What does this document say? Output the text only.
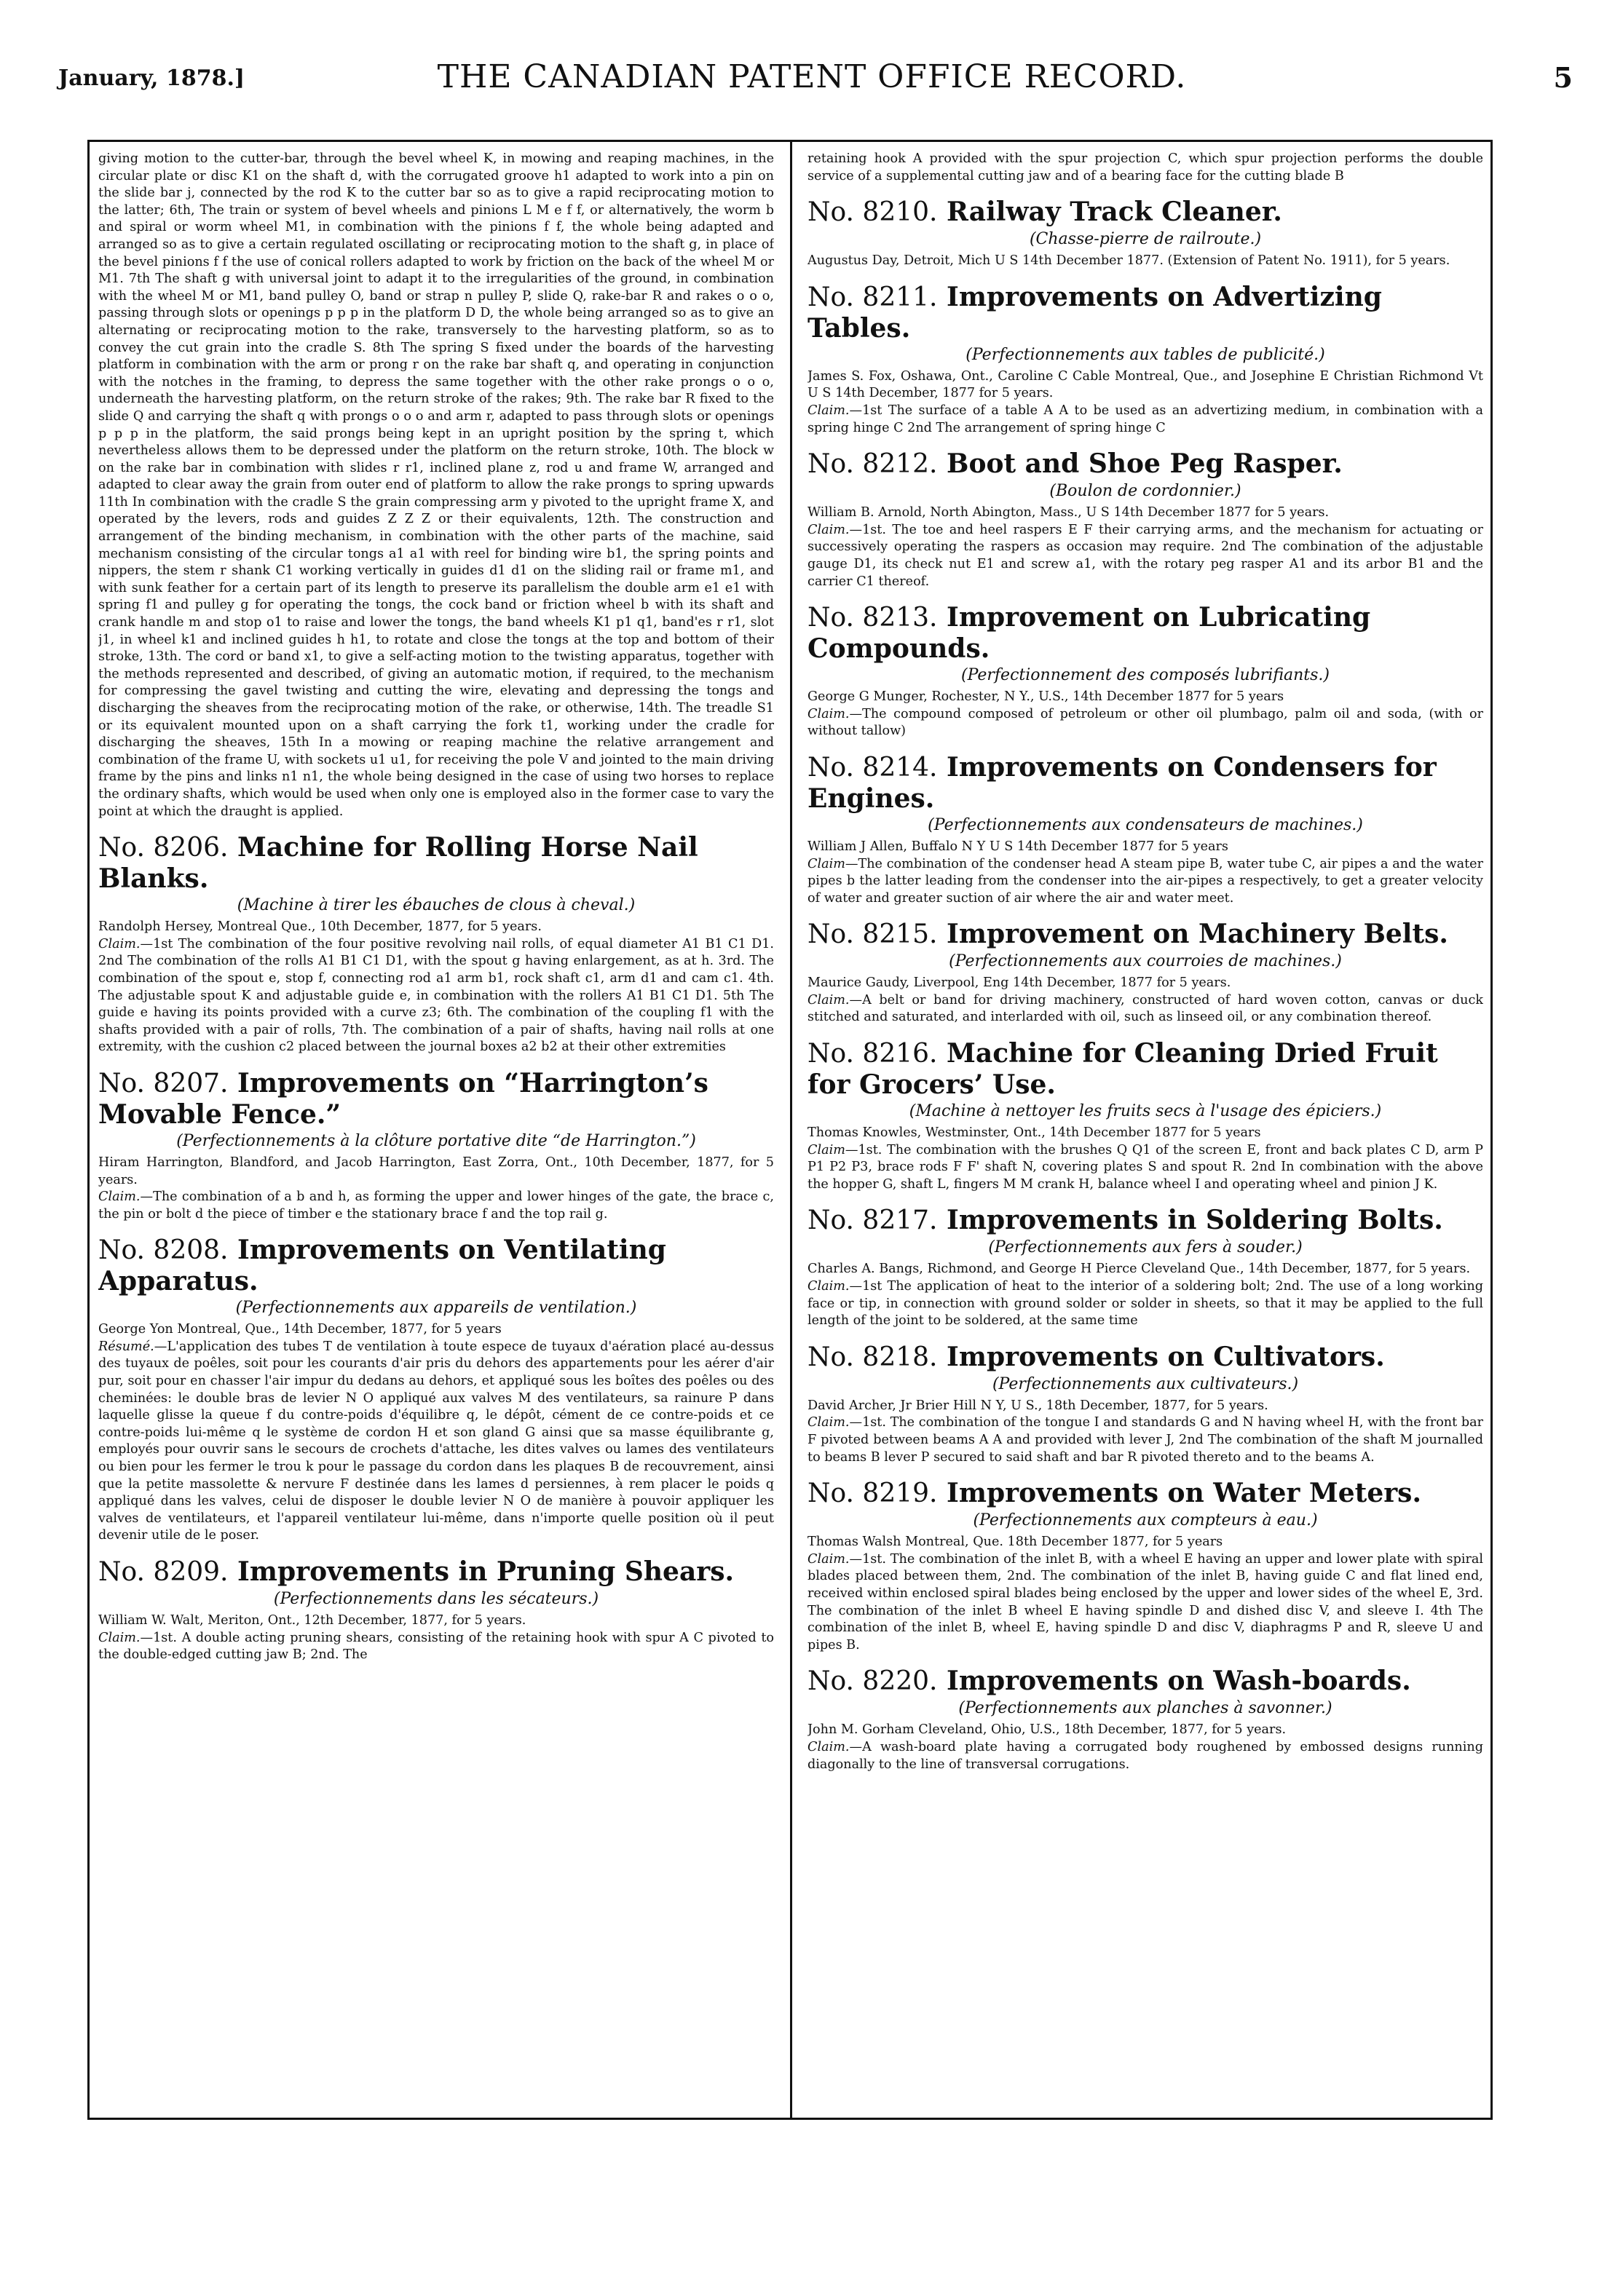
January, 1878.]	THE CANADIAN PATENT OFFICE RECORD.	5

giving motion to the cutter-bar, through the bevel wheel K, in mowing and reaping machines, in the circular plate or disc K1 on the shaft d, with the corrugated groove h1 adapted to work into a pin on the slide bar j, connected by the rod K to the cutter bar so as to give a rapid reciprocating motion to the latter; 6th, The train or system of bevel wheels and pinions L M e f f, or alternatively, the worm b and spiral or worm wheel M1, in combination with the pinions f f, the whole being adapted and arranged so as to give a certain regulated oscillating or reciprocating motion to the shaft g, in place of the bevel pinions f f the use of conical rollers adapted to work by friction on the back of the wheel M or M1. 7th The shaft g with universal joint to adapt it to the irregularities of the ground, in combination with the wheel M or M1, band pulley O, band or strap n pulley P, slide Q, rake-bar R and rakes o o o, passing through slots or openings p p p in the platform D D, the whole being arranged so as to give an alternating or reciprocating motion to the rake, transversely to the harvesting platform, so as to convey the cut grain into the cradle S. 8th The spring S fixed under the boards of the harvesting platform in combination with the arm or prong r on the rake bar shaft q, and operating in conjunction with the notches in the framing, to depress the same together with the other rake prongs o o o, underneath the harvesting platform, on the return stroke of the rakes; 9th. The rake bar R fixed to the slide Q and carrying the shaft q with prongs o o o and arm r, adapted to pass through slots or openings p p p in the platform, the said prongs being kept in an upright position by the spring t, which nevertheless allows them to be depressed under the platform on the return stroke, 10th. The block w on the rake bar in combination with slides r r1, inclined plane z, rod u and frame W, arranged and adapted to clear away the grain from outer end of platform to allow the rake prongs to spring upwards 11th In combination with the cradle S the grain compressing arm y pivoted to the upright frame X, and operated by the levers, rods and guides Z Z Z or their equivalents, 12th. The construction and arrangement of the binding mechanism, in combination with the other parts of the machine, said mechanism consisting of the circular tongs a1 a1 with reel for binding wire b1, the spring points and nippers, the stem r shank C1 working vertically in guides d1 d1 on the sliding rail or frame m1, and with sunk feather for a certain part of its length to preserve its parallelism the double arm e1 e1 with spring f1 and pulley g for operating the tongs, the cock band or friction wheel b with its shaft and crank handle m and stop o1 to raise and lower the tongs, the band wheels K1 p1 q1, band'es r r1, slot j1, in wheel k1 and inclined guides h h1, to rotate and close the tongs at the top and bottom of their stroke, 13th. The cord or band x1, to give a self-acting motion to the twisting apparatus, together with the methods represented and described, of giving an automatic motion, if required, to the mechanism for compressing the gavel twisting and cutting the wire, elevating and depressing the tongs and discharging the sheaves from the reciprocating motion of the rake, or otherwise, 14th. The treadle S1 or its equivalent mounted upon on a shaft carrying the fork t1, working under the cradle for discharging the sheaves, 15th In a mowing or reaping machine the relative arrangement and combination of the frame U, with sockets u1 u1, for receiving the pole V and jointed to the main driving frame by the pins and links n1 n1, the whole being designed in the case of using two horses to replace the ordinary shafts, which would be used when only one is employed also in the former case to vary the point at which the draught is applied.

No. 8206. Machine for Rolling Horse Nail Blanks.

(Machine à tirer les ébauches de clous à cheval.)

Randolph Hersey, Montreal Que., 10th December, 1877, for 5 years.

Claim.—1st The combination of the four positive revolving nail rolls, of equal diameter A1 B1 C1 D1. 2nd The combination of the rolls A1 B1 C1 D1, with the spout g having enlargement, as at h. 3rd. The combination of the spout e, stop f, connecting rod a1 arm b1, rock shaft c1, arm d1 and cam c1. 4th. The adjustable spout K and adjustable guide e, in combination with the rollers A1 B1 C1 D1. 5th The guide e having its points provided with a curve z3; 6th. The combination of the coupling f1 with the shafts provided with a pair of rolls, 7th. The combination of a pair of shafts, having nail rolls at one extremity, with the cushion c2 placed between the journal boxes a2 b2 at their other extremities

No. 8207. Improvements on “Harrington’s Movable Fence.”

(Perfectionnements à la clôture portative dite “de Harrington.”)

Hiram Harrington, Blandford, and Jacob Harrington, East Zorra, Ont., 10th December, 1877, for 5 years.

Claim.—The combination of a b and h, as forming the upper and lower hinges of the gate, the brace c, the pin or bolt d the piece of timber e the stationary brace f and the top rail g.

No. 8208. Improvements on Ventilating Apparatus.

(Perfectionnements aux appareils de ventilation.)

George Yon Montreal, Que., 14th December, 1877, for 5 years

Résumé.—L'application des tubes T de ventilation à toute espece de tuyaux d'aération placé au-dessus des tuyaux de poêles, soit pour les courants d'air pris du dehors des appartements pour les aérer d'air pur, soit pour en chasser l'air impur du dedans au dehors, et appliqué sous les boîtes des poêles ou des cheminées: le double bras de levier N O appliqué aux valves M des ventilateurs, sa rainure P dans laquelle glisse la queue f du contre-poids d'équilibre q, le dépôt, cément de ce contre-poids et ce contre-poids lui-même q le système de cordon H et son gland G ainsi que sa masse équilibrante g, employés pour ouvrir sans le secours de crochets d'attache, les dites valves ou lames des ventilateurs ou bien pour les fermer le trou k pour le passage du cordon dans les plaques B de recouvrement, ainsi que la petite massolette & nervure F destinée dans les lames d persiennes, à rem placer le poids q appliqué dans les valves, celui de disposer le double levier N O de manière à pouvoir appliquer les valves de ventilateurs, et l'appareil ventilateur lui-même, dans n'importe quelle position où il peut devenir utile de le poser.

No. 8209. Improvements in Pruning Shears.

(Perfectionnements dans les sécateurs.)

William W. Walt, Meriton, Ont., 12th December, 1877, for 5 years.

Claim.—1st. A double acting pruning shears, consisting of the retaining hook with spur A C pivoted to the double-edged cutting jaw B; 2nd. The

retaining hook A provided with the spur projection C, which spur projection performs the double service of a supplemental cutting jaw and of a bearing face for the cutting blade B

No. 8210. Railway Track Cleaner.

(Chasse-pierre de railroute.)

Augustus Day, Detroit, Mich U S 14th December 1877. (Extension of Patent No. 1911), for 5 years.

No. 8211. Improvements on Advertizing Tables.

(Perfectionnements aux tables de publicité.)

James S. Fox, Oshawa, Ont., Caroline C Cable Montreal, Que., and Josephine E Christian Richmond Vt U S 14th December, 1877 for 5 years.

Claim.—1st The surface of a table A A to be used as an advertizing medium, in combination with a spring hinge C 2nd The arrangement of spring hinge C

No. 8212. Boot and Shoe Peg Rasper.

(Boulon de cordonnier.)

William B. Arnold, North Abington, Mass., U S 14th December 1877 for 5 years.

Claim.—1st. The toe and heel raspers E F their carrying arms, and the mechanism for actuating or successively operating the raspers as occasion may require. 2nd The combination of the adjustable gauge D1, its check nut E1 and screw a1, with the rotary peg rasper A1 and its arbor B1 and the carrier C1 thereof.

No. 8213. Improvement on Lubricating Compounds.

(Perfectionnement des composés lubrifiants.)

George G Munger, Rochester, N Y., U.S., 14th December 1877 for 5 years

Claim.—The compound composed of petroleum or other oil plumbago, palm oil and soda, (with or without tallow)

No. 8214. Improvements on Condensers for Engines.

(Perfectionnements aux condensateurs de machines.)

William J Allen, Buffalo N Y U S 14th December 1877 for 5 years

Claim—The combination of the condenser head A steam pipe B, water tube C, air pipes a and the water pipes b the latter leading from the condenser into the air-pipes a respectively, to get a greater velocity of water and greater suction of air where the air and water meet.

No. 8215. Improvement on Machinery Belts.

(Perfectionnements aux courroies de machines.)

Maurice Gaudy, Liverpool, Eng 14th December, 1877 for 5 years.

Claim.—A belt or band for driving machinery, constructed of hard woven cotton, canvas or duck stitched and saturated, and interlarded with oil, such as linseed oil, or any combination thereof.

No. 8216. Machine for Cleaning Dried Fruit for Grocers’ Use.

(Machine à nettoyer les fruits secs à l'usage des épiciers.)

Thomas Knowles, Westminster, Ont., 14th December 1877 for 5 years

Claim—1st. The combination with the brushes Q Q1 of the screen E, front and back plates C D, arm P P1 P2 P3, brace rods F F' shaft N, covering plates S and spout R. 2nd In combination with the above the hopper G, shaft L, fingers M M crank H, balance wheel I and operating wheel and pinion J K.

No. 8217. Improvements in Soldering Bolts.

(Perfectionnements aux fers à souder.)

Charles A. Bangs, Richmond, and George H Pierce Cleveland Que., 14th December, 1877, for 5 years.

Claim.—1st The application of heat to the interior of a soldering bolt; 2nd. The use of a long working face or tip, in connection with ground solder or solder in sheets, so that it may be applied to the full length of the joint to be soldered, at the same time

No. 8218. Improvements on Cultivators.

(Perfectionnements aux cultivateurs.)

David Archer, Jr Brier Hill N Y, U S., 18th December, 1877, for 5 years.

Claim.—1st. The combination of the tongue I and standards G and N having wheel H, with the front bar F pivoted between beams A A and provided with lever J, 2nd The combination of the shaft M journalled to beams B lever P secured to said shaft and bar R pivoted thereto and to the beams A.

No. 8219. Improvements on Water Meters.

(Perfectionnements aux compteurs à eau.)

Thomas Walsh Montreal, Que. 18th December 1877, for 5 years

Claim.—1st. The combination of the inlet B, with a wheel E having an upper and lower plate with spiral blades placed between them, 2nd. The combination of the inlet B, having guide C and flat lined end, received within enclosed spiral blades being enclosed by the upper and lower sides of the wheel E, 3rd. The combination of the inlet B wheel E having spindle D and dished disc V, and sleeve I. 4th The combination of the inlet B, wheel E, having spindle D and disc V, diaphragms P and R, sleeve U and pipes B.

No. 8220. Improvements on Wash-boards.

(Perfectionnements aux planches à savonner.)

John M. Gorham Cleveland, Ohio, U.S., 18th December, 1877, for 5 years.

Claim.—A wash-board plate having a corrugated body roughened by embossed designs running diagonally to the line of transversal corrugations.
